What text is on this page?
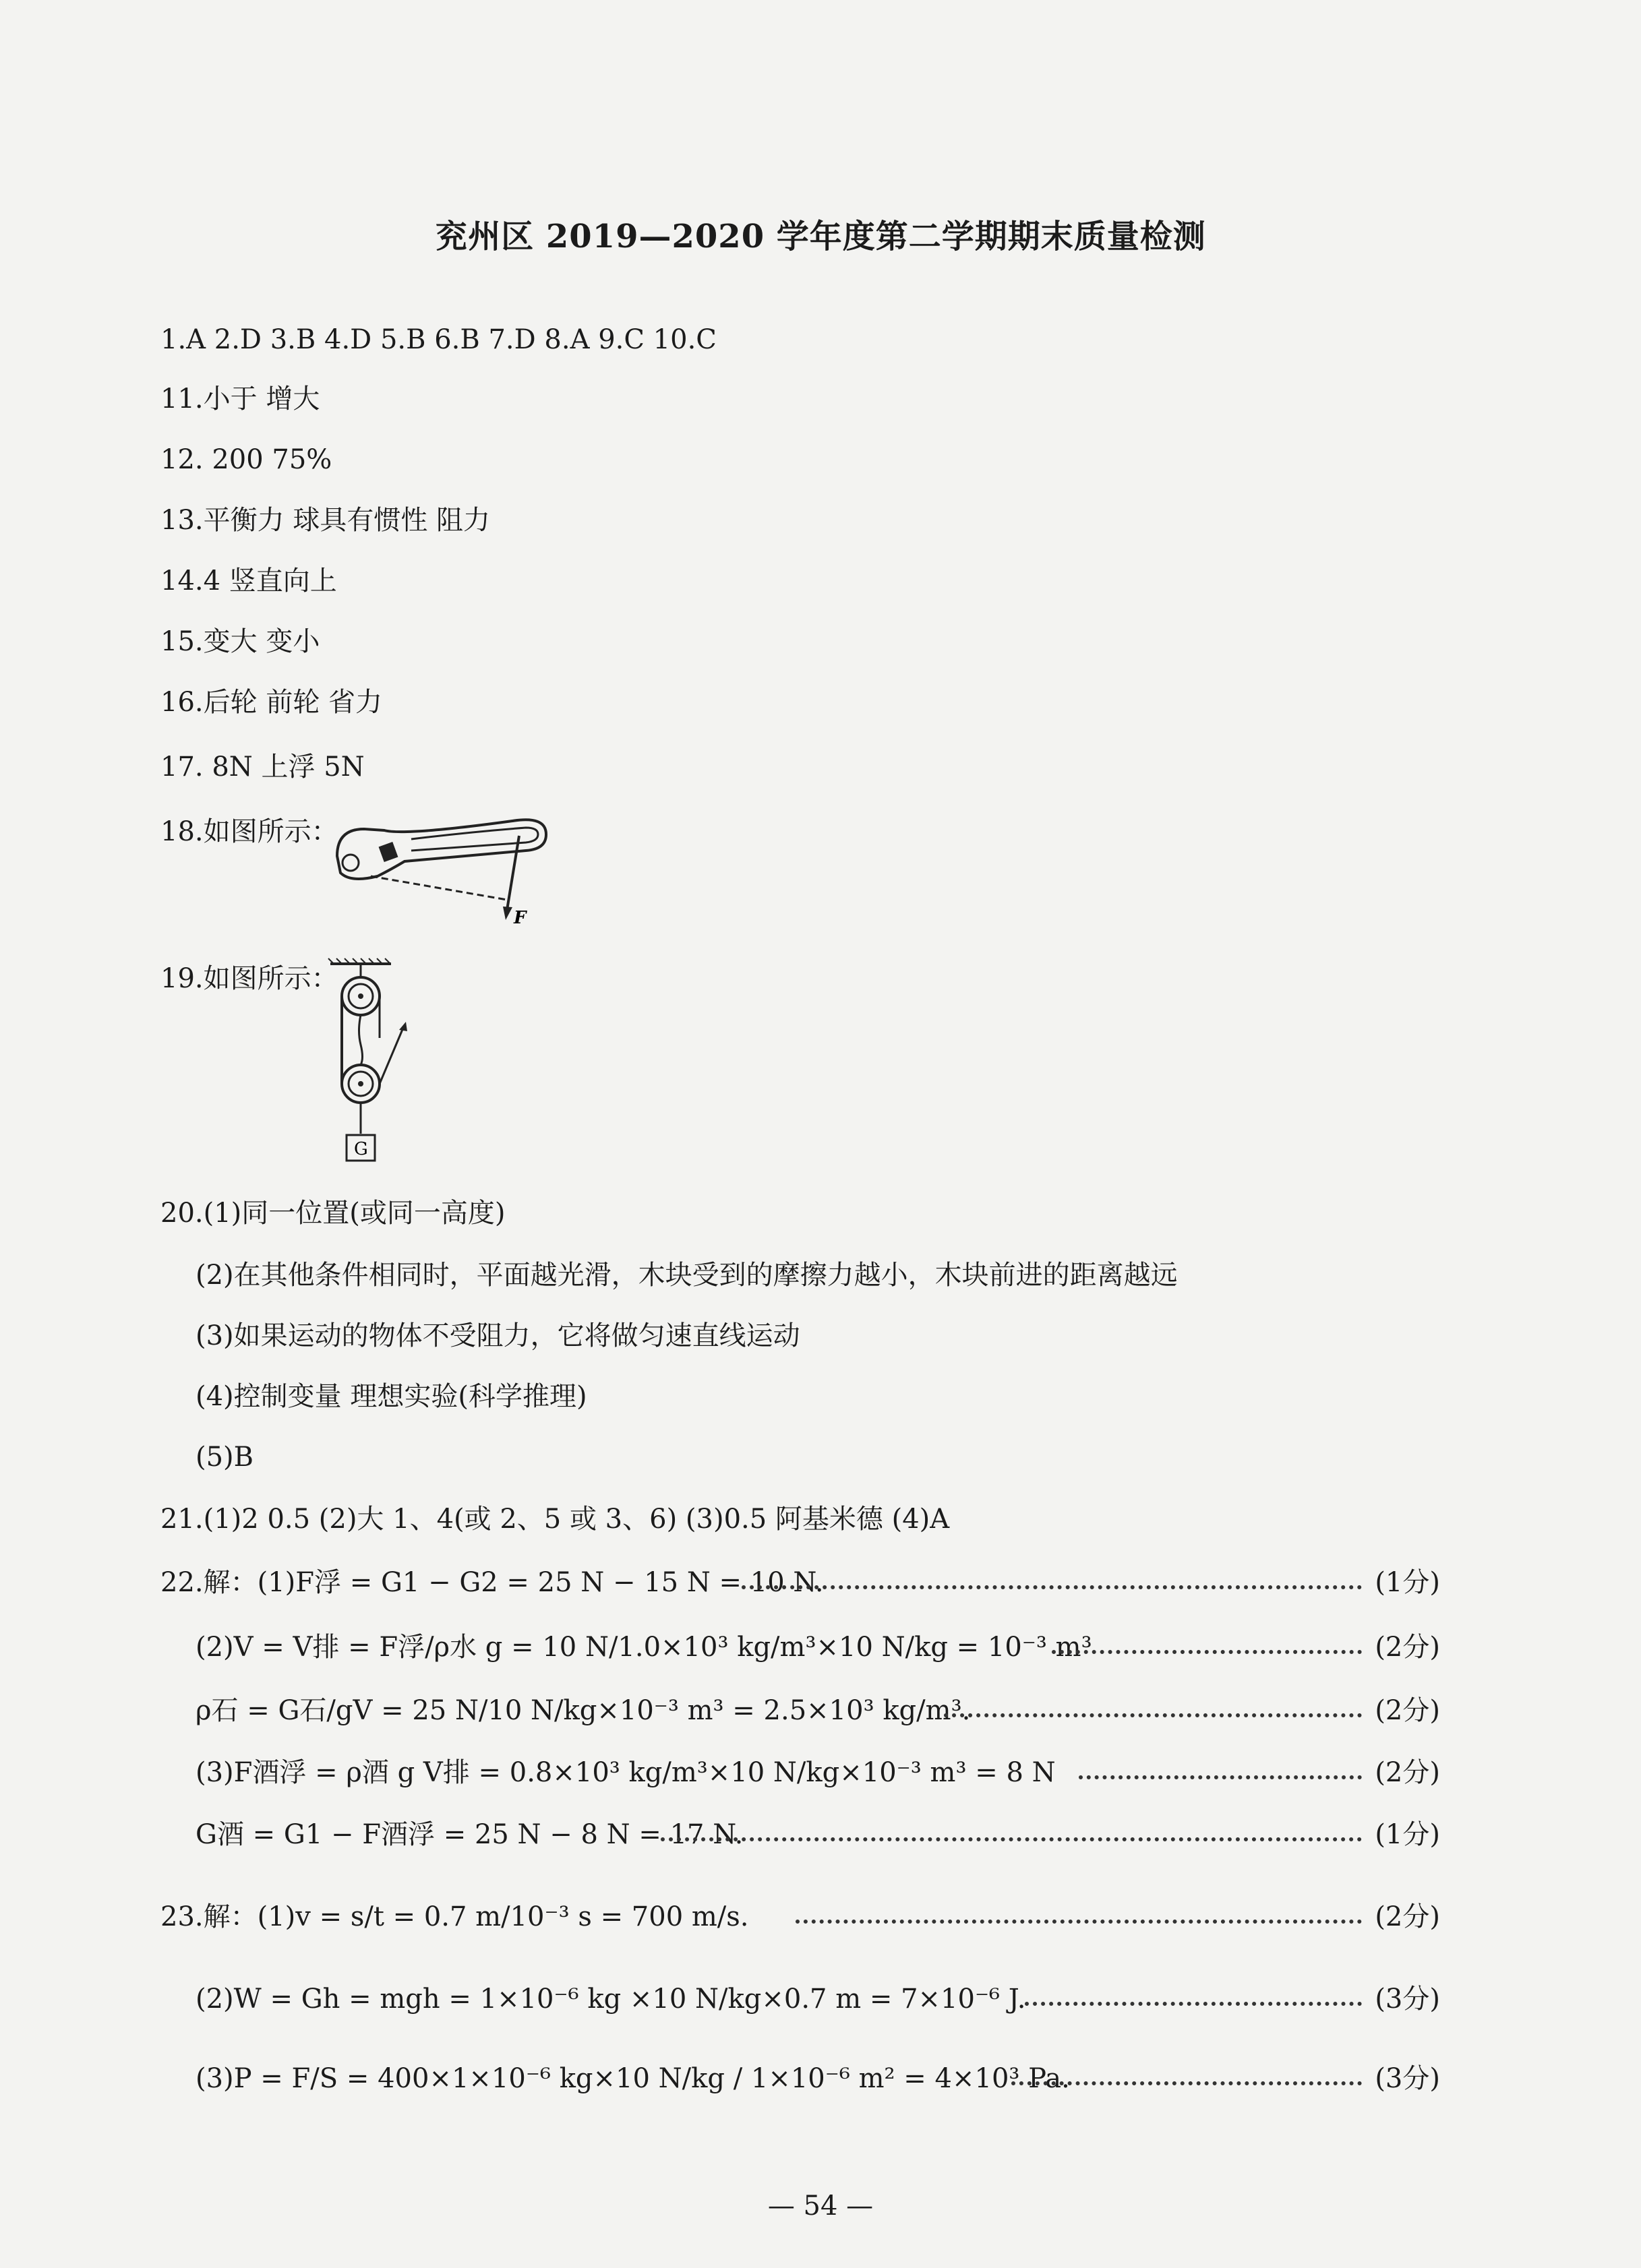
兖州区 2019—2020 学年度第二学期期末质量检测
1.A 2.D 3.B 4.D 5.B 6.B 7.D 8.A 9.C 10.C
11.小于 增大
12. 200 75%
13.平衡力 球具有惯性 阻力
14.4 竖直向上
15.变大 变小
16.后轮 前轮 省力
17. 8N 上浮 5N
18.如图所示：
F
19.如图所示：
G
20.(1)同一位置(或同一高度)
(2)在其他条件相同时，平面越光滑，木块受到的摩擦力越小，木块前进的距离越远
(3)如果运动的物体不受阻力，它将做匀速直线运动
(4)控制变量 理想实验(科学推理)
(5)B
21.(1)2 0.5 (2)大 1、4(或 2、5 或 3、6) (3)0.5 阿基米德 (4)A
22.解：(1)F浮 = G1 − G2 = 25 N − 15 N = 10 N.	(1分)
(2)V = V排 = F浮/ρ水 g = 10 N/1.0×10³ kg/m³×10 N/kg = 10⁻³ m³	(2分)
ρ石 = G石/gV = 25 N/10 N/kg×10⁻³ m³ = 2.5×10³ kg/m³.	(2分)
(3)F酒浮 = ρ酒 g V排 = 0.8×10³ kg/m³×10 N/kg×10⁻³ m³ = 8 N	(2分)
G酒 = G1 − F酒浮 = 25 N − 8 N = 17 N.	(1分)
23.解：(1)v = s/t = 0.7 m/10⁻³ s = 700 m/s.	(2分)
(2)W = Gh = mgh = 1×10⁻⁶ kg ×10 N/kg×0.7 m = 7×10⁻⁶ J.	(3分)
(3)P = F/S = 400×1×10⁻⁶ kg×10 N/kg / 1×10⁻⁶ m² = 4×10³ Pa.	(3分)
— 54 —
